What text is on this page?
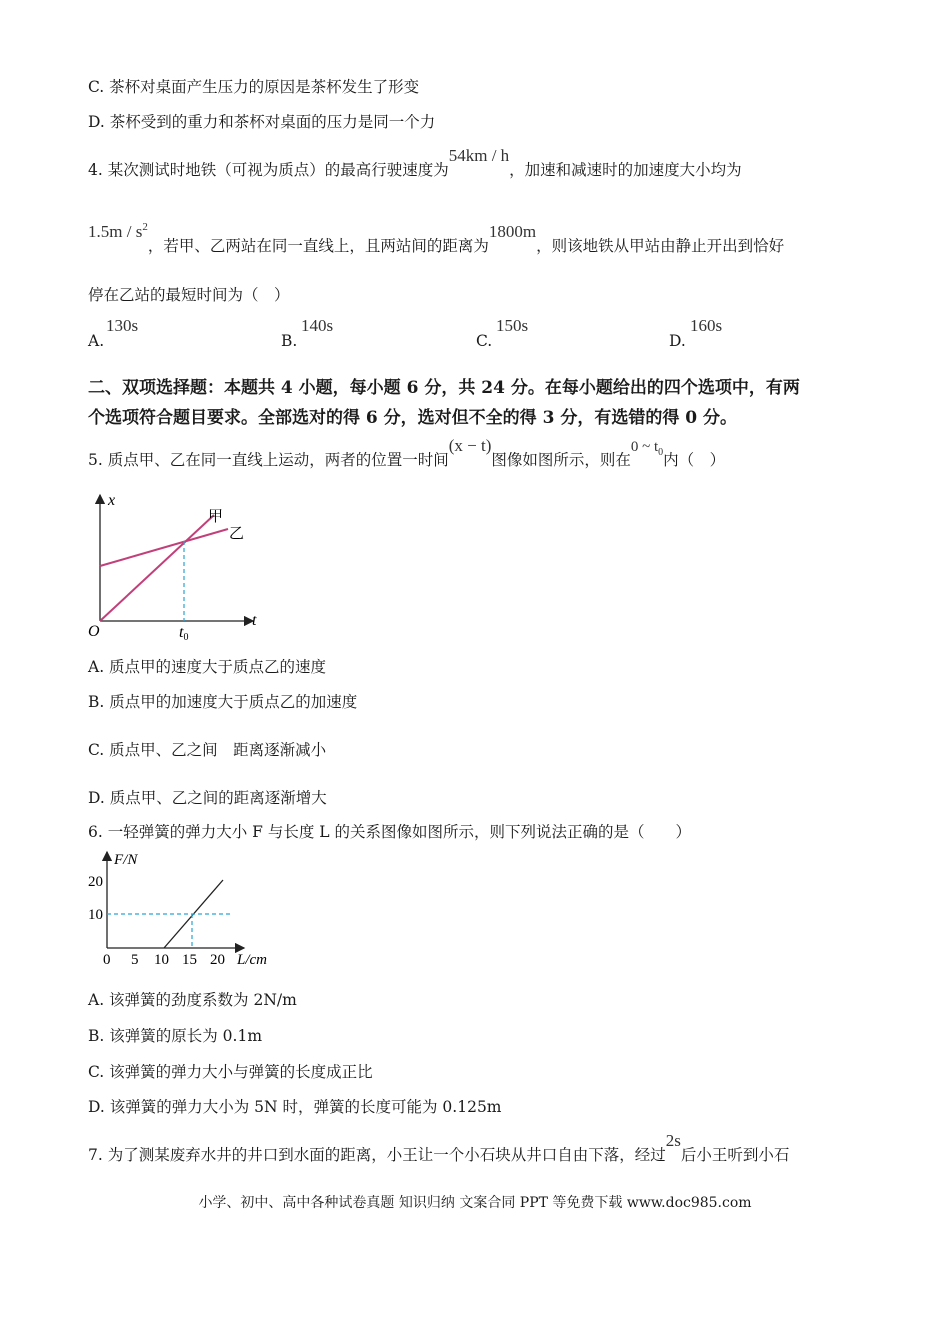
C. 茶杯对桌面产生压力的原因是茶杯发生了形变
D. 茶杯受到的重力和茶杯对桌面的压力是同一个力
4. 某次测试时地铁（可视为质点）的最高行驶速度为54km / h，加速和减速时的加速度大小均为
$1.5m / s^2$，若甲、乙两站在同一直线上，且两站间的距离为1800m，则该地铁从甲站由静止开出到恰好
停在乙站的最短时间为（　）
A.
130s
B.
140s
C.
150s
D.
160s
二、双项选择题：本题共 4 小题，每小题 6 分，共 24 分。在每小题给出的四个选项中，有两
个选项符合题目要求。全部选对的得 6 分，选对但不全的得 3 分，有选错的得 0 分。
5. 质点甲、乙在同一直线上运动，两者的位置一时间(x − t)图像如图所示，则在0 ~ $t_0$内（　）
x
t
O	t0
甲
乙
A. 质点甲的速度大于质点乙的速度
B. 质点甲的加速度大于质点乙的加速度
C. 质点甲、乙之间　距离逐渐减小
D. 质点甲、乙之间的距离逐渐增大
6. 一轻弹簧的弹力大小 F 与长度 L 的关系图像如图所示，则下列说法正确的是（　　）
F/N
L/cm
20
10
0 5 10 15 20
A. 该弹簧的劲度系数为 2N/m
B. 该弹簧的原长为 0.1m
C. 该弹簧的弹力大小与弹簧的长度成正比
D. 该弹簧的弹力大小为 5N 时，弹簧的长度可能为 0.125m
7. 为了测某废弃水井的井口到水面的距离，小王让一个小石块从井口自由下落，经过2s后小王听到小石
小学、初中、高中各种试卷真题 知识归纳 文案合同 PPT 等免费下载 www.doc985.com
